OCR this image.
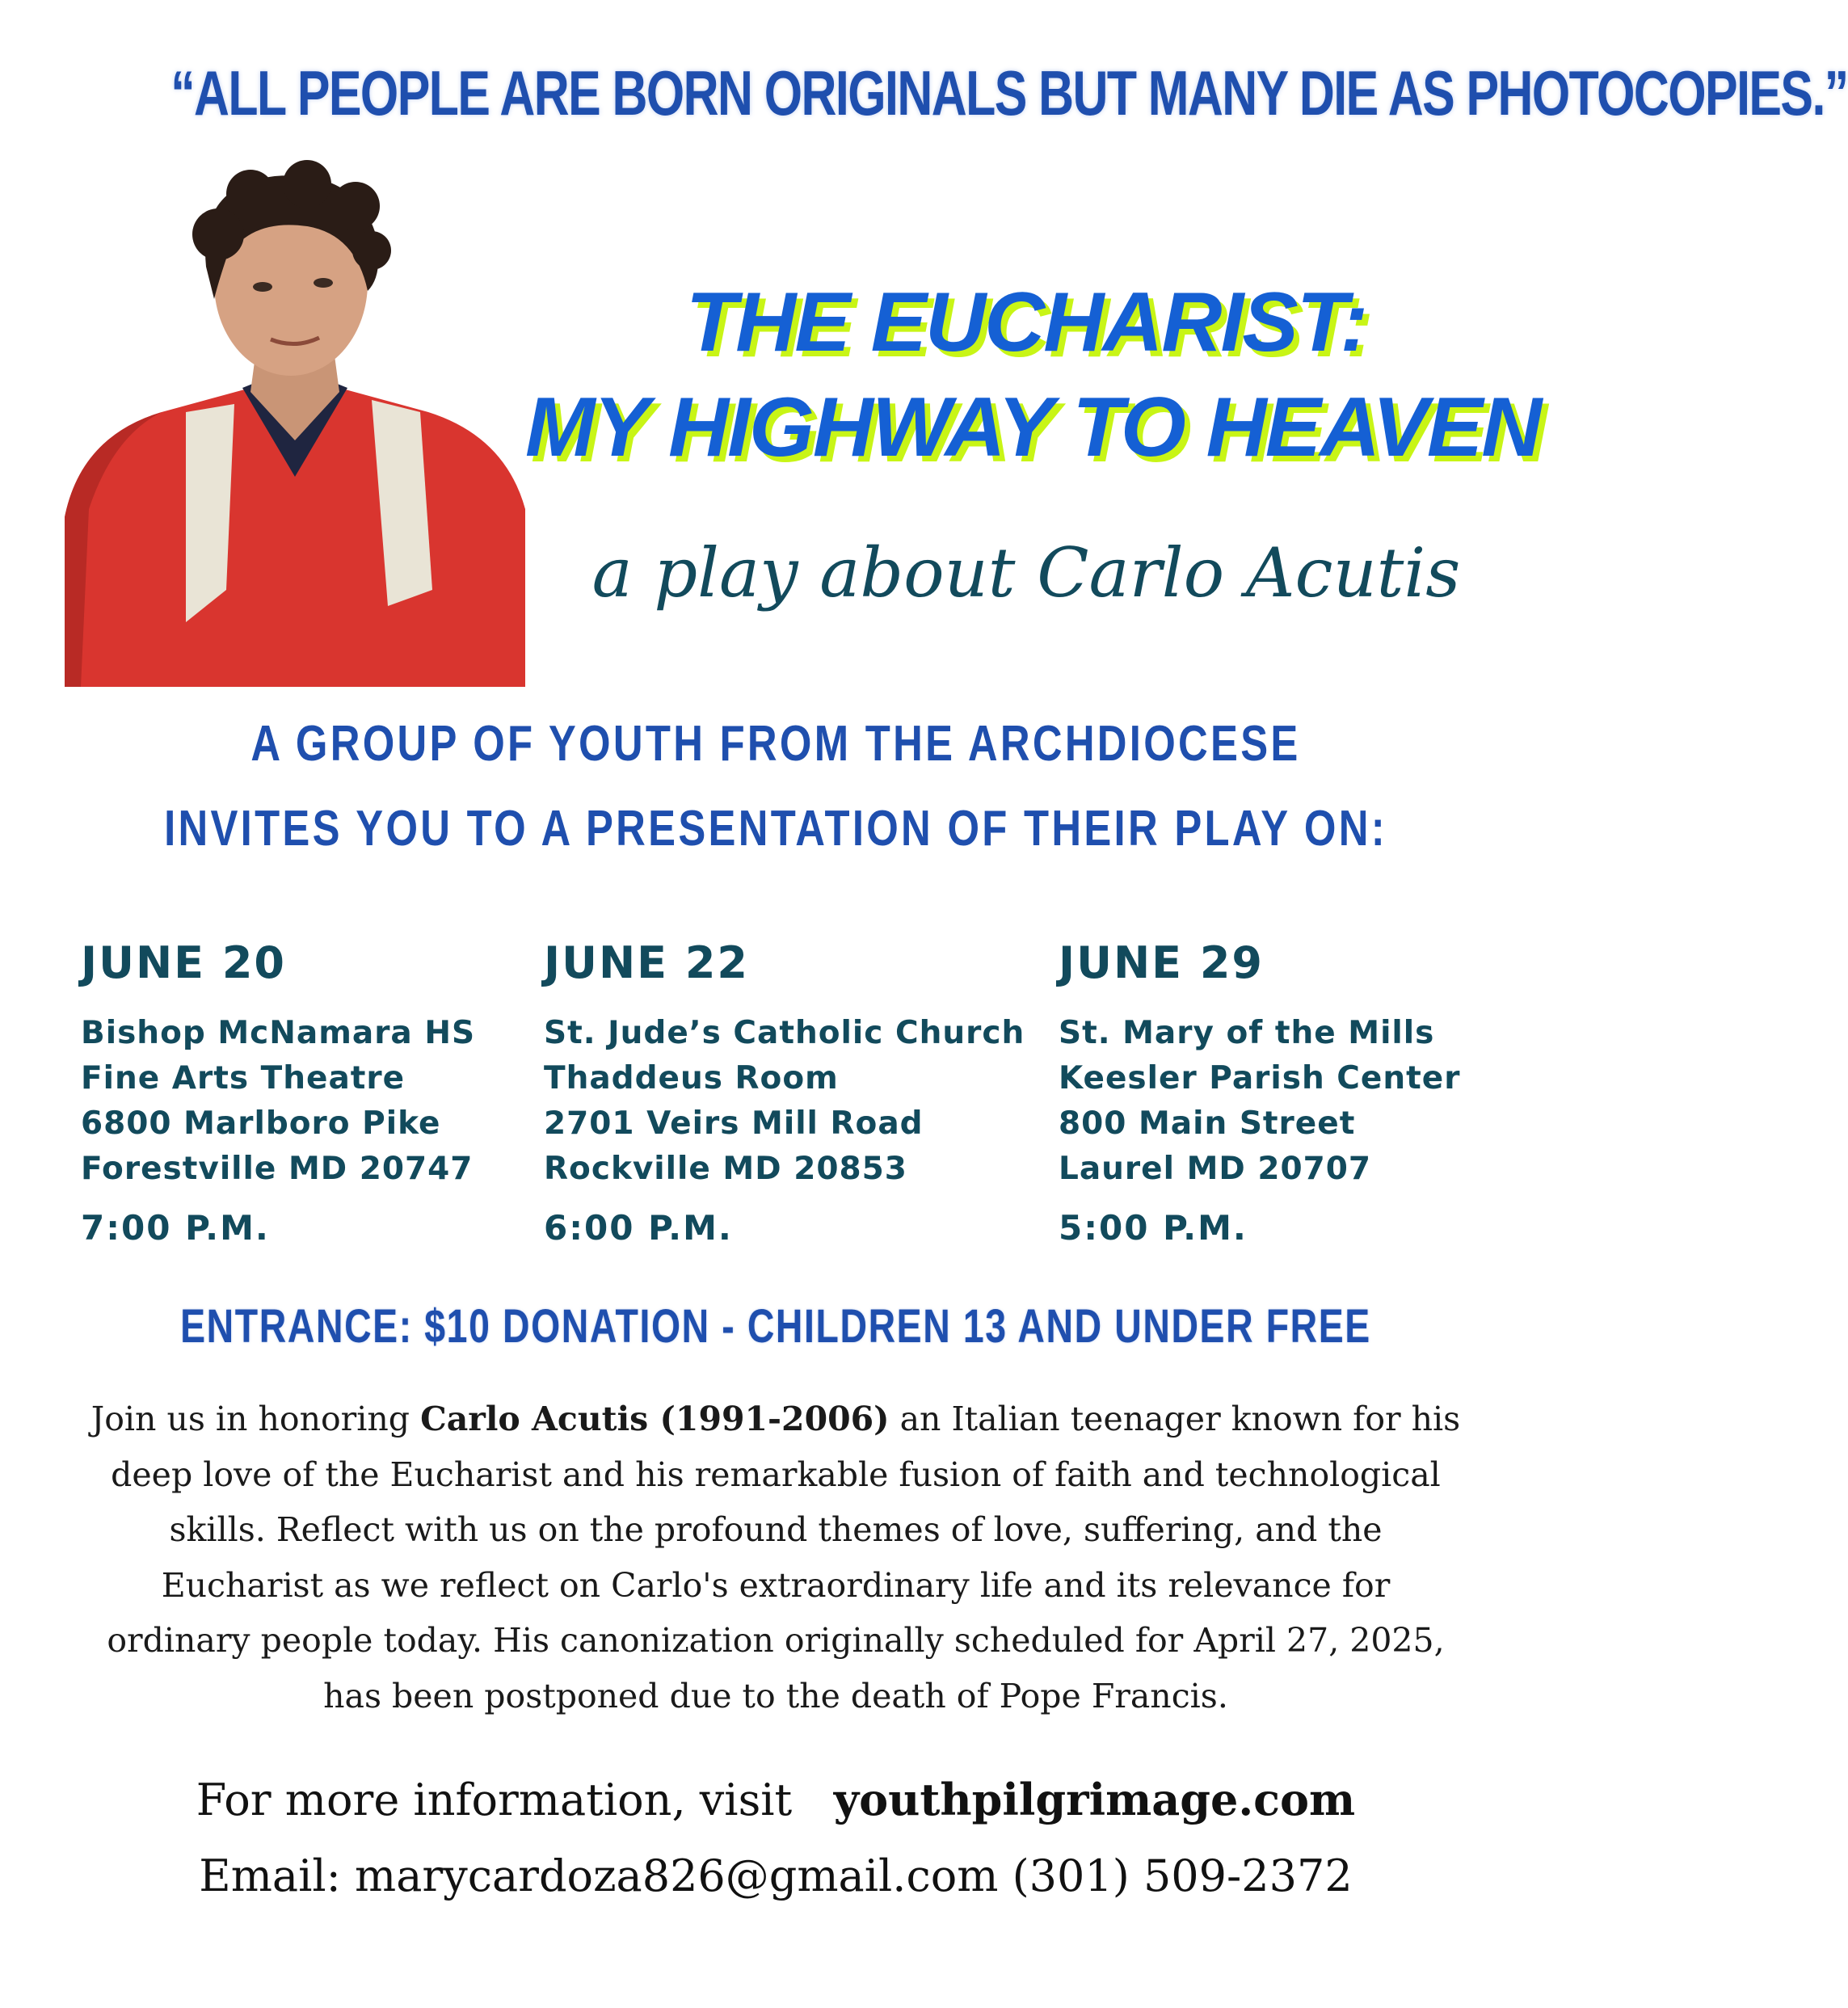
“ALL PEOPLE ARE BORN ORIGINALS BUT MANY DIE AS PHOTOCOPIES.”
THE EUCHARIST:
MY HIGHWAY TO HEAVEN
a play about Carlo Acutis
A GROUP OF YOUTH FROM THE ARCHDIOCESE
INVITES YOU TO A PRESENTATION OF THEIR PLAY ON:
JUNE 20
Bishop McNamara HS
Fine Arts Theatre
6800 Marlboro Pike
Forestville MD 20747
7:00 P.M.
JUNE 22
St. Jude’s Catholic Church
Thaddeus Room
2701 Veirs Mill Road
Rockville MD 20853
6:00 P.M.
JUNE 29
St. Mary of the Mills
Keesler Parish Center
800 Main Street
Laurel MD 20707
5:00 P.M.
ENTRANCE: $10 DONATION - CHILDREN 13 AND UNDER FREE

Join us in honoring Carlo Acutis (1991-2006) an Italian teenager known for his

deep love of the Eucharist and his remarkable fusion of faith and technological

skills. Reflect with us on the profound themes of love, suffering, and the

Eucharist as we reflect on Carlo's extraordinary life and its relevance for

ordinary people today. His canonization originally scheduled for April 27, 2025,

has been postponed due to the death of Pope Francis.

For more information, visit youthpilgrimage.com
Email: marycardoza826@gmail.com (301) 509-2372
